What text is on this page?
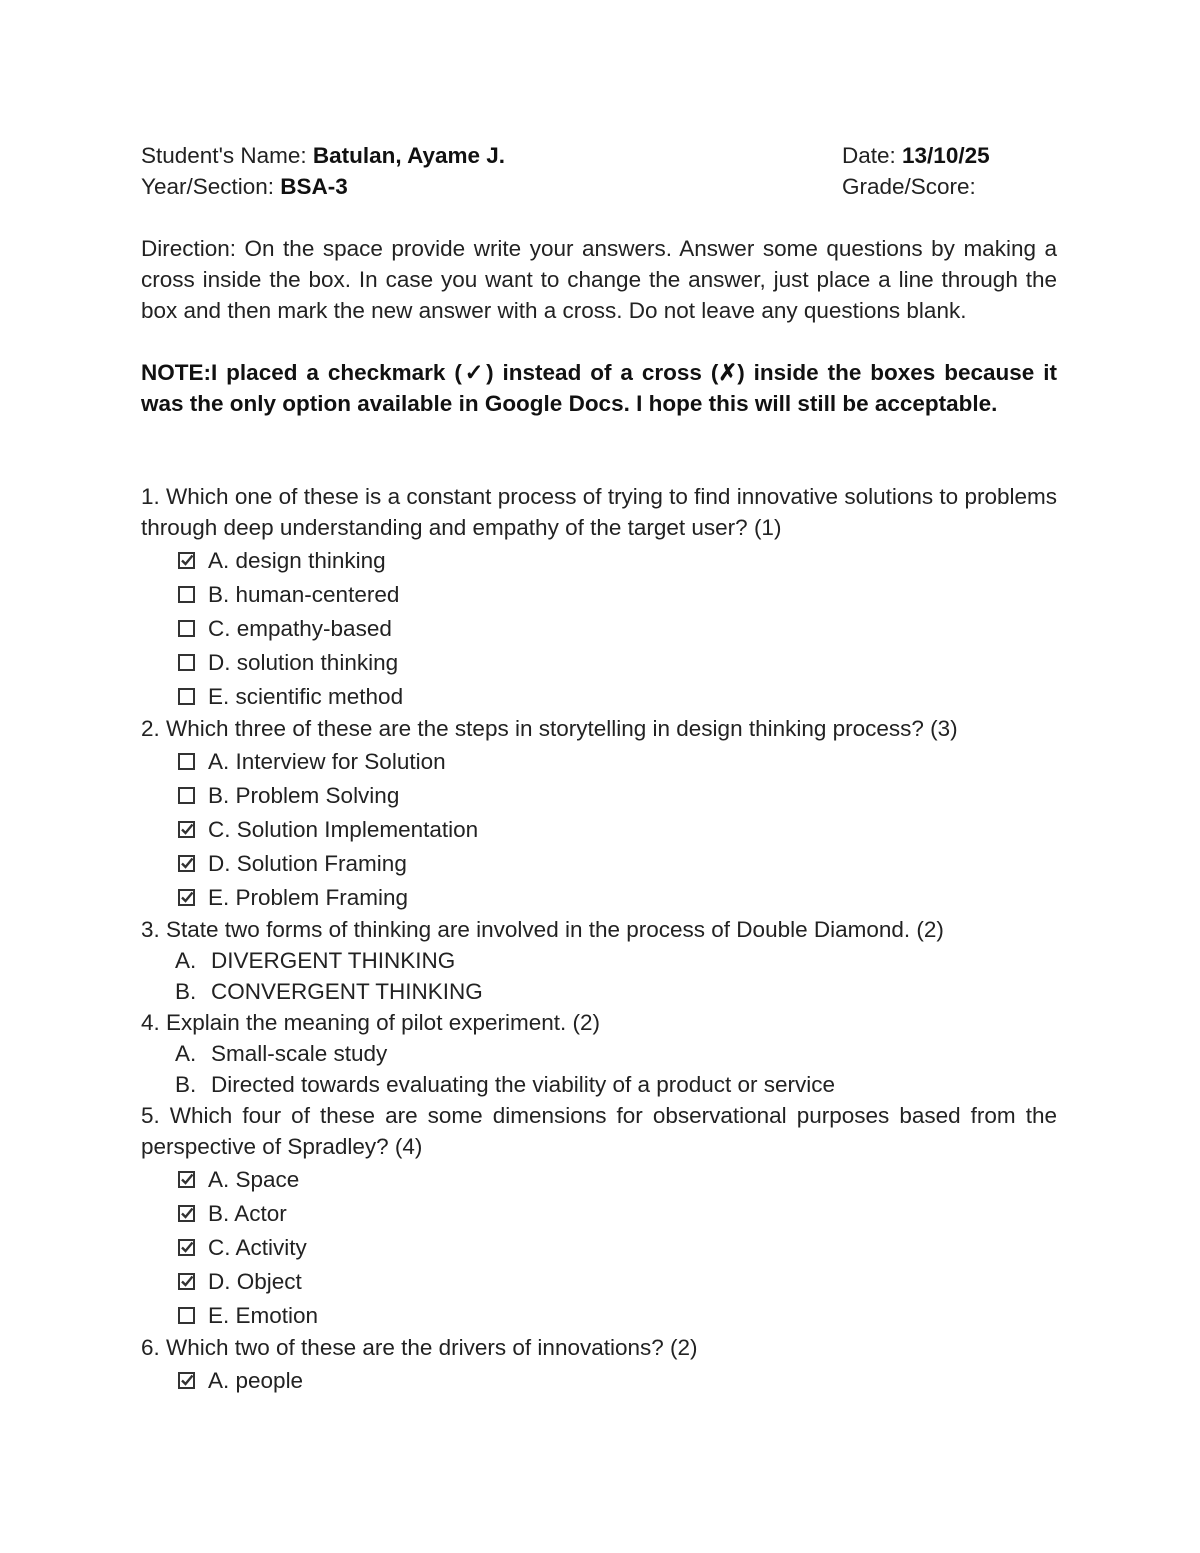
Student's Name: Batulan, Ayame J.	Date: 13/10/25
Year/Section: BSA-3	Grade/Score:
Direction: On the space provide write your answers. Answer some questions by making a cross inside the box. In case you want to change the answer, just place a line through the box and then mark the new answer with a cross. Do not leave any questions blank.
NOTE:I placed a checkmark (✓) instead of a cross (✗) inside the boxes because it was the only option available in Google Docs. I hope this will still be acceptable.
1. Which one of these is a constant process of trying to find innovative solutions to problems through deep understanding and empathy of the target user? (1)
A. design thinking
B. human-centered
C. empathy-based
D. solution thinking
E. scientific method
2. Which three of these are the steps in storytelling in design thinking process? (3)
A. Interview for Solution
B. Problem Solving
C. Solution Implementation
D. Solution Framing
E. Problem Framing
3. State two forms of thinking are involved in the process of Double Diamond. (2)
A. DIVERGENT THINKING
B. CONVERGENT THINKING
4. Explain the meaning of pilot experiment. (2)
A. Small-scale study
B. Directed towards evaluating the viability of a product or service
5. Which four of these are some dimensions for observational purposes based from the perspective of Spradley? (4)
A. Space
B. Actor
C. Activity
D. Object
E. Emotion
6. Which two of these are the drivers of innovations? (2)
A. people
